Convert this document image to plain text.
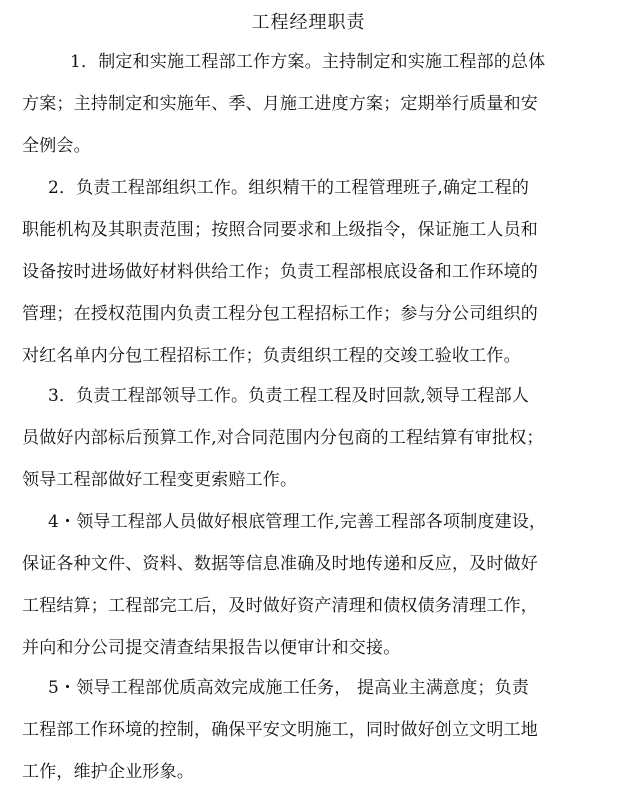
工程经理职责
1．制定和实施工程部工作方案。主持制定和实施工程部的总体
方案；主持制定和实施年、季、月施工进度方案；定期举行质量和安
全例会。
2．负责工程部组织工作。组织精干的工程管理班子,确定工程的
职能机构及其职责范围；按照合同要求和上级指令，保证施工人员和
设备按时进场做好材料供给工作；负责工程部根底设备和工作环境的
管理；在授权范围内负责工程分包工程招标工作；参与分公司组织的
对红名单内分包工程招标工作；负责组织工程的交竣工验收工作。
3．负责工程部领导工作。负责工程工程及时回款,领导工程部人
员做好内部标后预算工作,对合同范围内分包商的工程结算有审批权；
领导工程部做好工程变更索赔工作。
4・领导工程部人员做好根底管理工作,完善工程部各项制度建设，
保证各种文件、资料、数据等信息准确及时地传递和反应，及时做好
工程结算；工程部完工后，及时做好资产清理和债权债务清理工作，
并向和分公司提交清查结果报告以便审计和交接。
5・领导工程部优质高效完成施工任务， 提高业主满意度；负责
工程部工作环境的控制，确保平安文明施工，同时做好创立文明工地
工作，维护企业形象。
